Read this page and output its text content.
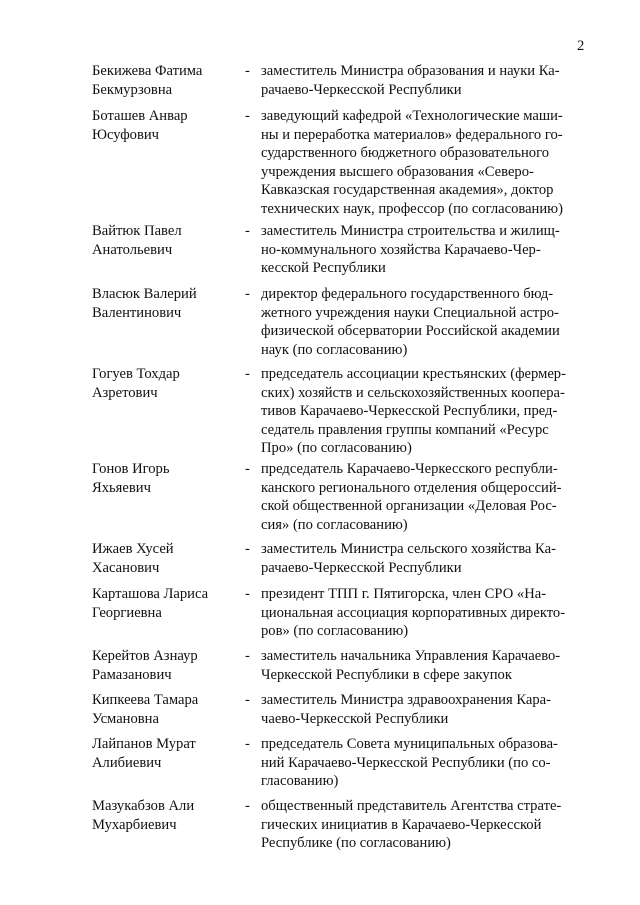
2
Бекижева Фатима
Бекмурзовна
- заместитель Министра образования и науки Ка-
рачаево-Черкесской Республики
Боташев Анвар
Юсуфович
- заведующий кафедрой «Технологические маши-
ны и переработка материалов» федерального го-
сударственного бюджетного образовательного
учреждения высшего образования «Северо-
Кавказская государственная академия», доктор
технических наук, профессор (по согласованию)
Вайтюк Павел
Анатольевич
- заместитель Министра строительства и жилищ-
но-коммунального хозяйства Карачаево-Чер-
кесской Республики
Власюк Валерий
Валентинович
- директор федерального государственного бюд-
жетного учреждения науки Специальной астро-
физической обсерватории Российской академии
наук (по согласованию)
Гогуев Тохдар
Азретович
- председатель ассоциации крестьянских (фермер-
ских) хозяйств и сельскохозяйственных коопера-
тивов Карачаево-Черкесской Республики, пред-
седатель правления группы компаний «Ресурс
Про» (по согласованию)
Гонов Игорь
Яхьяевич
- председатель Карачаево-Черкесского республи-
канского регионального отделения общероссий-
ской общественной организации «Деловая Рос-
сия» (по согласованию)
Ижаев Хусей
Хасанович
- заместитель Министра сельского хозяйства Ка-
рачаево-Черкесской Республики
Карташова Лариса
Георгиевна
- президент ТПП г. Пятигорска, член СРО «На-
циональная ассоциация корпоративных директо-
ров» (по согласованию)
Керейтов Азнаур
Рамазанович
- заместитель начальника Управления Карачаево-
Черкесской Республики в сфере закупок
Кипкеева Тамара
Усмановна
- заместитель Министра здравоохранения Кара-
чаево-Черкесской Республики
Лайпанов Мурат
Алибиевич
- председатель Совета муниципальных образова-
ний Карачаево-Черкесской Республики (по со-
гласованию)
Мазукабзов Али
Мухарбиевич
- общественный представитель Агентства страте-
гических инициатив в Карачаево-Черкесской
Республике (по согласованию)
